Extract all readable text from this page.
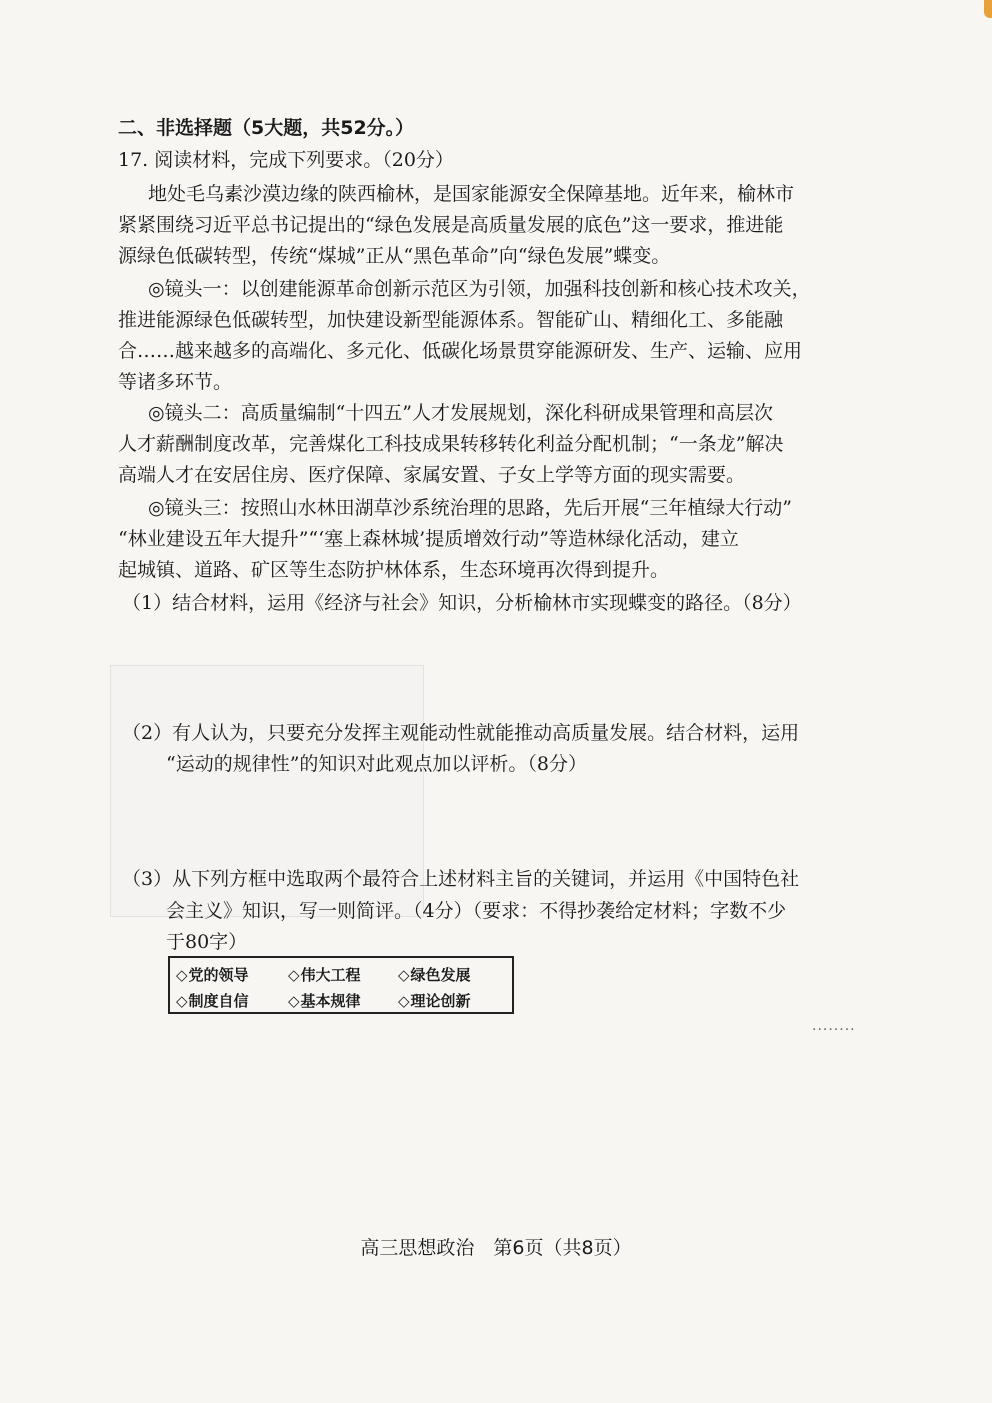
二、非选择题（5大题，共52分。）
17. 阅读材料，完成下列要求。（20分）
地处毛乌素沙漠边缘的陕西榆林，是国家能源安全保障基地。近年来，榆林市
紧紧围绕习近平总书记提出的“绿色发展是高质量发展的底色”这一要求，推进能
源绿色低碳转型，传统“煤城”正从“黑色革命”向“绿色发展”蝶变。
◎镜头一：以创建能源革命创新示范区为引领，加强科技创新和核心技术攻关，
推进能源绿色低碳转型，加快建设新型能源体系。智能矿山、精细化工、多能融
合……越来越多的高端化、多元化、低碳化场景贯穿能源研发、生产、运输、应用
等诸多环节。
◎镜头二：高质量编制“十四五”人才发展规划，深化科研成果管理和高层次
人才薪酬制度改革，完善煤化工科技成果转移转化利益分配机制；“一条龙”解决
高端人才在安居住房、医疗保障、家属安置、子女上学等方面的现实需要。
◎镜头三：按照山水林田湖草沙系统治理的思路，先后开展“三年植绿大行动”
“林业建设五年大提升”“‘塞上森林城’提质增效行动”等造林绿化活动，建立
起城镇、道路、矿区等生态防护林体系，生态环境再次得到提升。
（1）结合材料，运用《经济与社会》知识，分析榆林市实现蝶变的路径。（8分）
（2）有人认为，只要充分发挥主观能动性就能推动高质量发展。结合材料，运用
“运动的规律性”的知识对此观点加以评析。（8分）
（3）从下列方框中选取两个最符合上述材料主旨的关键词，并运用《中国特色社
会主义》知识，写一则简评。（4分）（要求：不得抄袭给定材料；字数不少
于80字）
◇党的领导	◇伟大工程 ◇绿色发展
◇制度自信	◇基本规律 ◇理论创新
........
高三思想政治　第6页（共8页）
